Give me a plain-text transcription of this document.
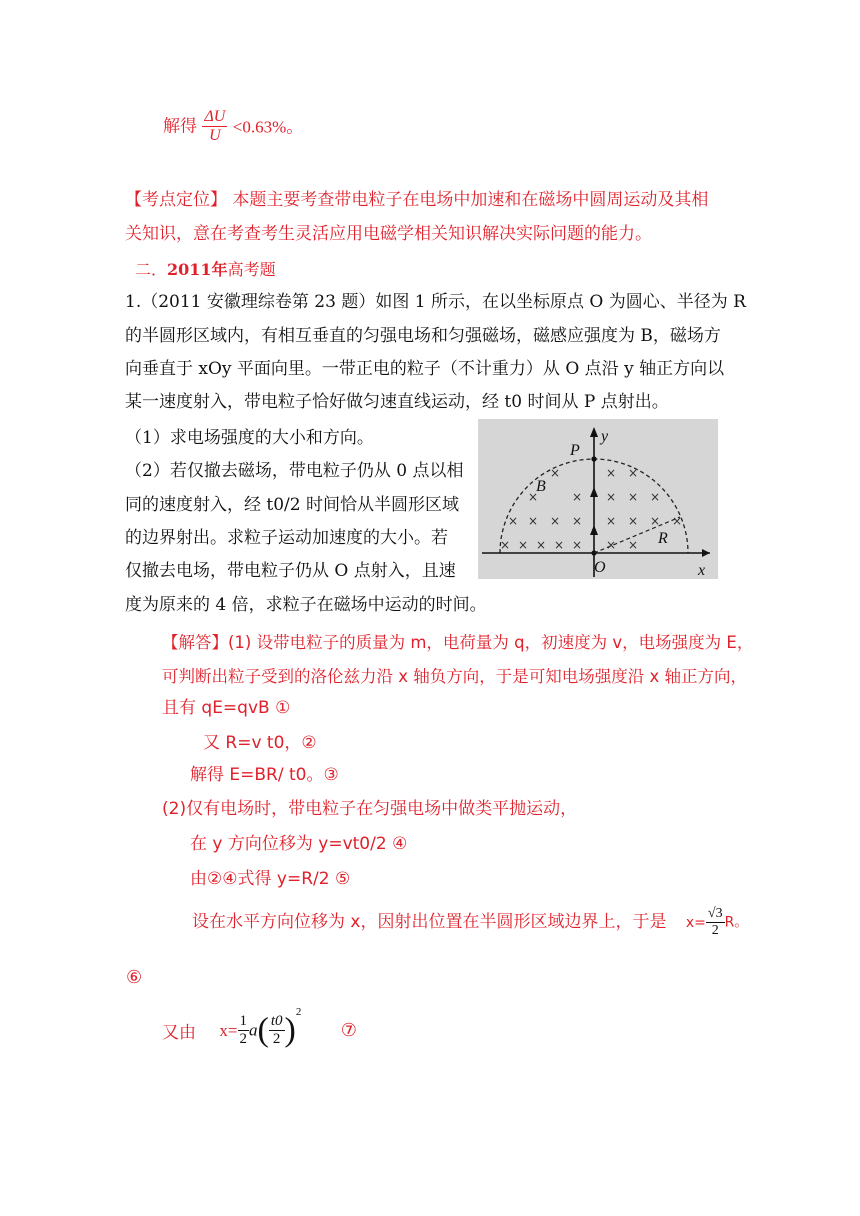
解得 $\frac{\Delta U}{U} <0.63\%$。
【考点定位】 本题主要考查带电粒子在电场中加速和在磁场中圆周运动及其相
关知识，意在考查考生灵活应用电磁学相关知识解决实际问题的能力。
二．2011年高考题
1.（2011 安徽理综卷第 23 题）如图 1 所示，在以坐标原点 O 为圆心、半径为 R
的半圆形区域内，有相互垂直的匀强电场和匀强磁场，磁感应强度为 B，磁场方
向垂直于 xOy 平面向里。一带正电的粒子（不计重力）从 O 点沿 y 轴正方向以
某一速度射入，带电粒子恰好做匀速直线运动，经 t0 时间从 P 点射出。
（1）求电场强度的大小和方向。
（2）若仅撤去磁场，带电粒子仍从 0 点以相
同的速度射入，经 t0/2 时间恰从半圆形区域
的边界射出。求粒子运动加速度的大小。若
仅撤去电场，带电粒子仍从 O 点射入，且速
度为原来的 4 倍，求粒子在磁场中运动的时间。
×	× ×
×	× × × ×
× × × × × × × ×
× × × × × × ×
P
y
B
R
O	x
【解答】(1) 设带电粒子的质量为 m，电荷量为 q，初速度为 v，电场强度为 E，
可判断出粒子受到的洛伦兹力沿 x 轴负方向，于是可知电场强度沿 x 轴正方向，
且有 qE=qvB ①
又 R=v t0，②
解得 E=BR/ t0。③
(2)仅有电场时，带电粒子在匀强电场中做类平抛运动，
在 y 方向位移为 y=vt0/2 ④
由②④式得 y=R/2 ⑤
设在水平方向位移为 x，因射出位置在半圆形区域边界上，于是 $x= \frac{√3}{2}$ R。
⑥
又由 $x= \frac{1}{2} a( \frac{t0}{2} )^2$ ⑦
